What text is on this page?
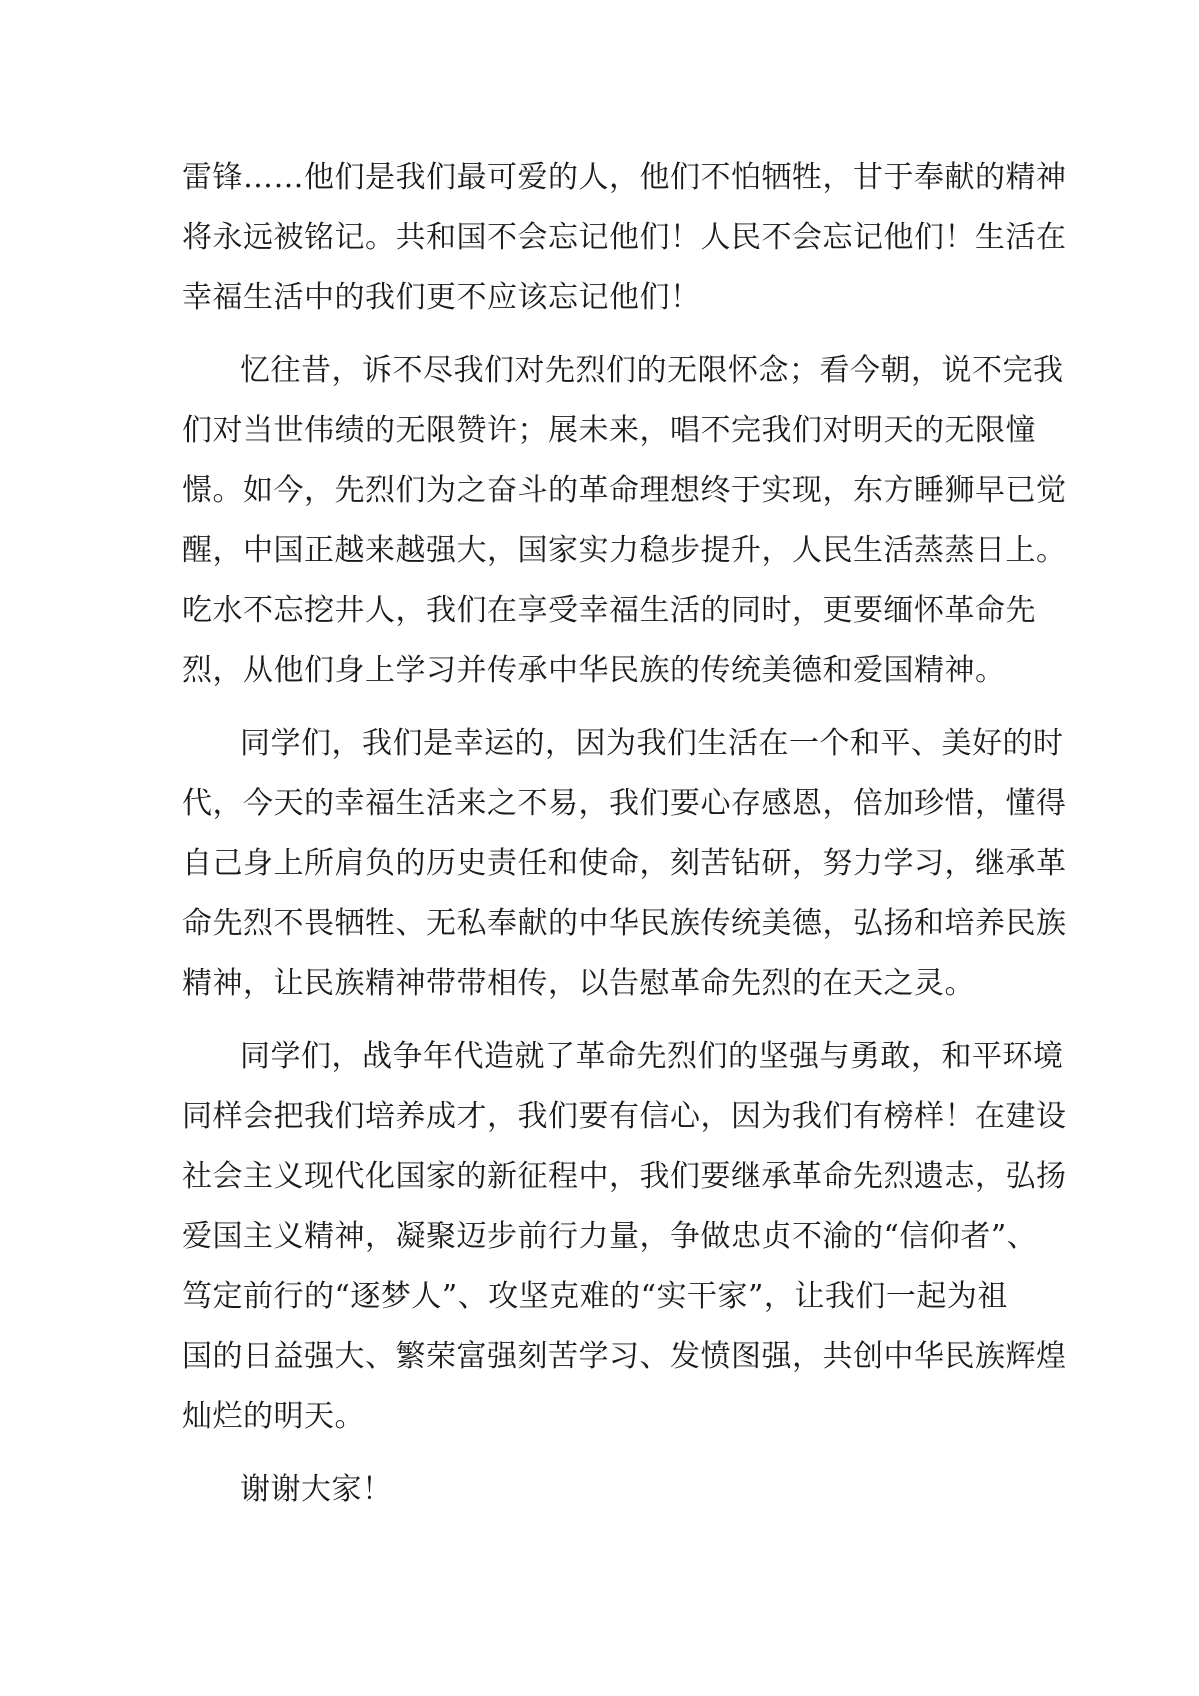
雷锋……他们是我们最可爱的人，他们不怕牺牲，甘于奉献的精神
将永远被铭记。共和国不会忘记他们！人民不会忘记他们！生活在
幸福生活中的我们更不应该忘记他们！
忆往昔，诉不尽我们对先烈们的无限怀念；看今朝，说不完我
们对当世伟绩的无限赞许；展未来，唱不完我们对明天的无限憧
憬。如今，先烈们为之奋斗的革命理想终于实现，东方睡狮早已觉
醒，中国正越来越强大，国家实力稳步提升，人民生活蒸蒸日上。
吃水不忘挖井人，我们在享受幸福生活的同时，更要缅怀革命先
烈，从他们身上学习并传承中华民族的传统美德和爱国精神。
同学们，我们是幸运的，因为我们生活在一个和平、美好的时
代，今天的幸福生活来之不易，我们要心存感恩，倍加珍惜，懂得
自己身上所肩负的历史责任和使命，刻苦钻研，努力学习，继承革
命先烈不畏牺牲、无私奉献的中华民族传统美德，弘扬和培养民族
精神，让民族精神带带相传，以告慰革命先烈的在天之灵。
同学们，战争年代造就了革命先烈们的坚强与勇敢，和平环境
同样会把我们培养成才，我们要有信心，因为我们有榜样！在建设
社会主义现代化国家的新征程中，我们要继承革命先烈遗志，弘扬
爱国主义精神，凝聚迈步前行力量，争做忠贞不渝的“信仰者”、
笃定前行的“逐梦人”、攻坚克难的“实干家”，让我们一起为祖
国的日益强大、繁荣富强刻苦学习、发愤图强，共创中华民族辉煌
灿烂的明天。
谢谢大家！
